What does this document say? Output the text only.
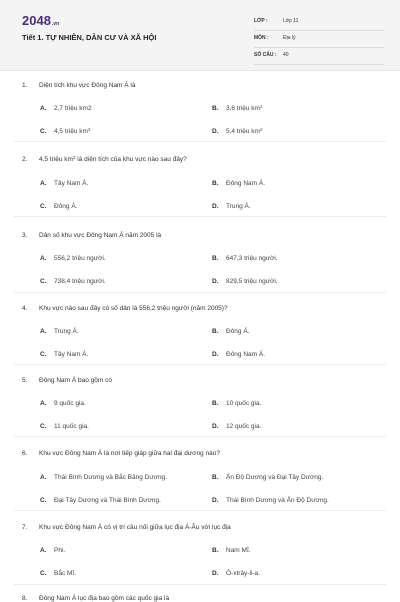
2048.vn
Tiết 1. TỰ NHIÊN, DÂN CƯ VÀ XÃ HỘI
LỚP :	Lớp 11
MÔN :	Địa lý
SỐ CÂU : 40
1. Diện tích khu vực Đông Nam Á là
A. 2,7 triệu km2	B. 3,6 triệu $km^2$
C. 4,5 triệu $km^2$	D. 5,4 triệu $km^2$
2. 4,5 triệu $km^2$ là diện tích của khu vực nào sau đây?
A. Tây Nam Á.	B. Đông Nam Á.
C. Đông Á.	D. Trung Á.
3. Dân số khu vực Đông Nam Á năm 2005 là
A. 556,2 triệu người.	B. 647,3 triệu người.
C. 738,4 triệu người.	D. 829,5 triệu người.
4. Khu vực nào sau đây có số dân là 556,2 triệu người (năm 2005)?
A. Trung Á.	B. Đông Á.
C. Tây Nam Á.	D. Đông Nam Á.
5. Đông Nam Á bao gồm có
A. 9 quốc gia.	B. 10 quốc gia.
C. 11 quốc gia.	D. 12 quốc gia.
6. Khu vực Đông Nam Á là nơi tiếp giáp giữa hai đại dương nào?
A. Thái Bình Dương và Bắc Băng Dương.	B. Ấn Độ Dương và Đại Tây Dương.
C. Đại Tây Dương và Thái Bình Dương.	D. Thái Bình Dương và Ấn Độ Dương.
7. Khu vực Đông Nam Á có vị trí cầu nối giữa lục địa Á-Âu với lục địa
A. Phi.	B. Nam Mĩ.
C. Bắc Mĩ.	D. Ô-xtrây-li-a.
8. Đông Nam Á lục địa bao gồm các quốc gia là
